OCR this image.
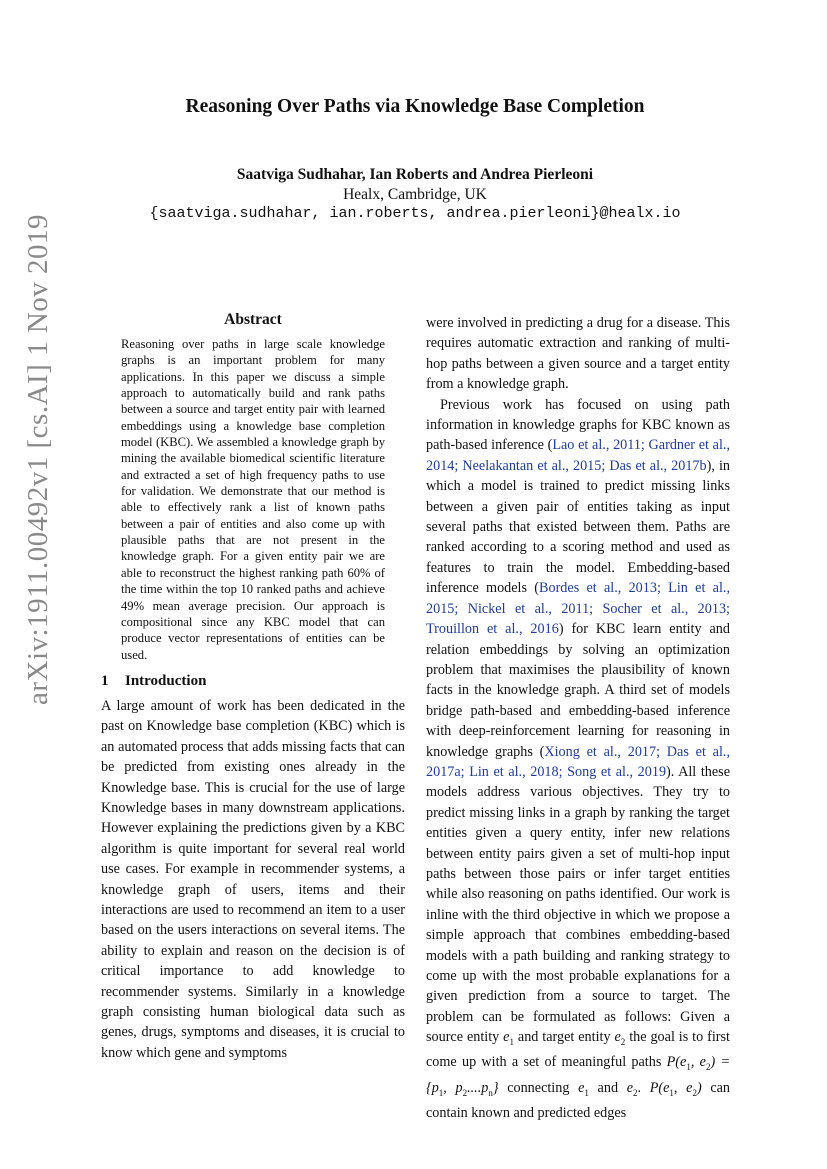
arXiv:1911.00492v1 [cs.AI] 1 Nov 2019
Reasoning Over Paths via Knowledge Base Completion
Saatviga Sudhahar, Ian Roberts and Andrea Pierleoni
Healx, Cambridge, UK
{saatviga.sudhahar, ian.roberts, andrea.pierleoni}@healx.io
Abstract

Reasoning over paths in large scale knowledge graphs is an important problem for many applications. In this paper we discuss a simple approach to automatically build and rank paths between a source and target entity pair with learned embeddings using a knowledge base completion model (KBC). We assembled a knowledge graph by mining the available biomedical scientific literature and extracted a set of high frequency paths to use for validation. We demonstrate that our method is able to effectively rank a list of known paths between a pair of entities and also come up with plausible paths that are not present in the knowledge graph. For a given entity pair we are able to reconstruct the highest ranking path 60% of the time within the top 10 ranked paths and achieve 49% mean average precision. Our approach is compositional since any KBC model that can produce vector representations of entities can be used.

1 Introduction

A large amount of work has been dedicated in the past on Knowledge base completion (KBC) which is an automated process that adds missing facts that can be predicted from existing ones already in the Knowledge base. This is crucial for the use of large Knowledge bases in many downstream applications. However explaining the predictions given by a KBC algorithm is quite important for several real world use cases. For example in recommender systems, a knowledge graph of users, items and their interactions are used to recommend an item to a user based on the users interactions on several items. The ability to explain and reason on the decision is of critical importance to add knowledge to recommender systems. Similarly in a knowledge graph consisting human biological data such as genes, drugs, symptoms and diseases, it is crucial to know which gene and symptoms

were involved in predicting a drug for a disease. This requires automatic extraction and ranking of multi-hop paths between a given source and a target entity from a knowledge graph.

Previous work has focused on using path information in knowledge graphs for KBC known as path-based inference (Lao et al., 2011; Gardner et al., 2014; Neelakantan et al., 2015; Das et al., 2017b), in which a model is trained to predict missing links between a given pair of entities taking as input several paths that existed between them. Paths are ranked according to a scoring method and used as features to train the model. Embedding-based inference models (Bordes et al., 2013; Lin et al., 2015; Nickel et al., 2011; Socher et al., 2013; Trouillon et al., 2016) for KBC learn entity and relation embeddings by solving an optimization problem that maximises the plausibility of known facts in the knowledge graph. A third set of models bridge path-based and embedding-based inference with deep-reinforcement learning for reasoning in knowledge graphs (Xiong et al., 2017; Das et al., 2017a; Lin et al., 2018; Song et al., 2019). All these models address various objectives. They try to predict missing links in a graph by ranking the target entities given a query entity, infer new relations between entity pairs given a set of multi-hop input paths between those pairs or infer target entities while also reasoning on paths identified. Our work is inline with the third objective in which we propose a simple approach that combines embedding-based models with a path building and ranking strategy to come up with the most probable explanations for a given prediction from a source to target. The problem can be formulated as follows: Given a source entity $e_1$ and target entity $e_2$ the goal is to first come up with a set of meaningful paths $P(e_1$, $e_2) = \{p_1$, $p_2....p_n$} connecting $e_1$ and $e_2$. $P(e_1$, $e_2$) can contain known and predicted edges
